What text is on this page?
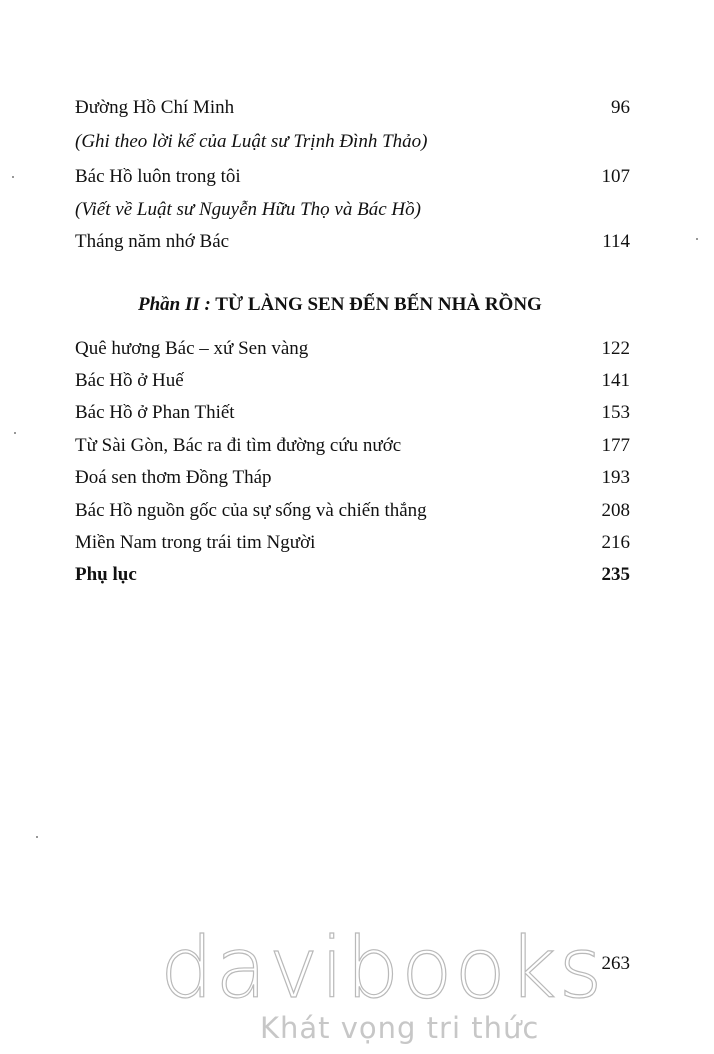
Đường Hồ Chí Minh	96
(Ghi theo lời kể của Luật sư Trịnh Đình Thảo)
Bác Hồ luôn trong tôi	107
(Viết về Luật sư Nguyễn Hữu Thọ và Bác Hồ)
Tháng năm nhớ Bác	114
Quê hương Bác – xứ Sen vàng	122
Bác Hồ ở Huế	141
Bác Hồ ở Phan Thiết	153
Từ Sài Gòn, Bác ra đi tìm đường cứu nước	177
Đoá sen thơm Đồng Tháp	193
Bác Hồ nguồn gốc của sự sống và chiến thắng	208
Miền Nam trong trái tim Người	216
Phụ lục	235
Phần II : TỪ LÀNG SEN ĐẾN BẾN NHÀ RỒNG
263
davibooks
Khát vọng tri thức
